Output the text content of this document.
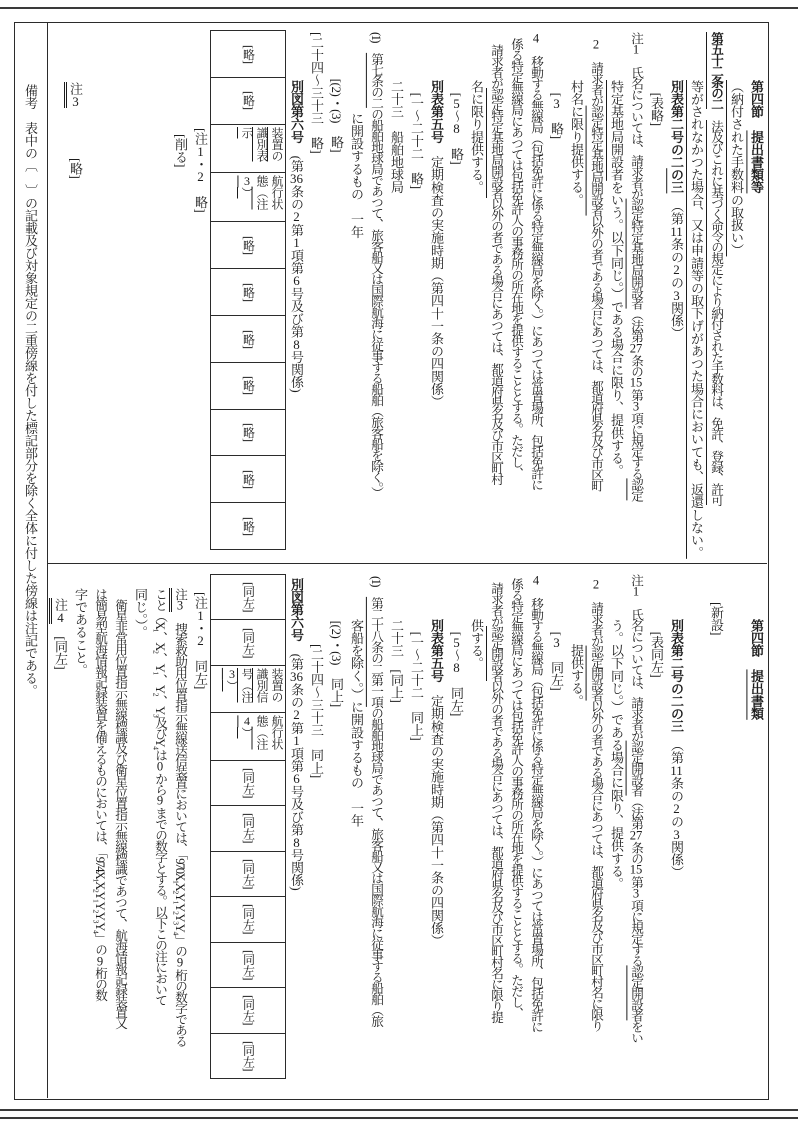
備考　表中の〔　〕の記載及び対象規定の二重傍線を付した標記部分を除く全体に付した傍線は注記である。	第四節　提出書類等
（納付された手数料の取扱い）
第五十二条の二　法及びこれに基づく命令の規定により納付された手数料は、免許、登録、許可
等がされなかつた場合、又は申請等の取下げがあつた場合においても、返還しない。
別表第二号の二の三　（第11条の2の3関係）
　[表略]
注1　氏名については、請求者が認定特定基地局開設者（法第27条の15第3項に規定する認定
特定基地局開設者をいう。以下同じ。）である場合に限り、提供する。
2　請求者が認定特定基地局開設者以外の者である場合にあつては、都道府県名及び市区町
村名に限り提供する。
　[3　略]
4　移動する無線局（包括免許に係る特定無線局を除く。）にあつては常置場所、包括免許に
係る特定無線局にあつては包括免許人の事務所の所在地を提供することとする。ただし、
請求者が認定特定基地局開設者以外の者である場合にあつては、都道府県名及び市区町村
名に限り提供する。
　[5～8　略]
別表第五号　定期検査の実施時期（第四十一条の四関係）
　[一～二十二　略]
二十三　船舶地球局
(1)　第七条の二の船舶地球局であつて、旅客船又は国際航海に従事する船舶（旅客船を除く。）
に開設するもの　一年
　[(2)・(3)　略]
[二十四～三十三　略]
別図第六号　(第36条の2第1項第6号及び第8号関係)
[略]
[略]
装置の識別表示
航行状態（注3）
[略]
[略]
[略]
[略]
[略]
[略]
[略]
[注1・2　略]
[削る]
注3　　　　[略]
第四節　提出書類
[新設]
別表第二号の二の三　（第11条の2の3関係）
　[表同左]
注1　氏名については、請求者が認定開設者（法第27条の15第3項に規定する認定開設者をい
う。以下同じ。）である場合に限り、提供する。
2　請求者が認定開設者以外の者である場合にあつては、都道府県名及び市区町村名に限り
提供する。
　[3　同左]
4　移動する無線局（包括免許に係る特定無線局を除く。）にあつては常置場所、包括免許に
係る特定無線局にあつては包括免許人の事務所の所在地を提供することとする。ただし、
請求者が認定開設者以外の者である場合にあつては、都道府県名及び市区町村名に限り提
供する。
　[5～8　同左]
別表第五号　定期検査の実施時期（第四十一条の四関係）
　[一～二十二　同上]
二十三　[同上]
(1)　第二十八条の二第一項の船舶地球局であつて、旅客船又は国際航海に従事する船舶（旅
客船を除く。）に開設するもの　一年
　[(2)・(3)　同上]
[二十四～三十三　同上]
別図第六号　(第36条の2第1項第6号及び第8号関係)
[同左]
[同左]
装置の識別信号（注3）
航行状態（注4）
[同左]
[同左]
[同左]
[同左]
[同左]
[同左]
[同左]
[注1・2　同左]
注3　捜索救助用位置指示無線送信装置においては、「970X₁X₂Y₁Y₂Y₃Y₄」の9桁の数字である
こと（X₁、X₂、Y₁、Y₂、Y₃及びY₄は0から9までの数字とする。以下この注において
同じ。）。
　衛星非常用位置指示無線標識及び衛星位置指示無線標識であつて、航海情報記録装置又
は簡易型航海情報記録装置を備えるものにおいては、「974X₁X₂Y₁Y₂Y₃Y₄」の9桁の数
字であること。
注4　[同左]
